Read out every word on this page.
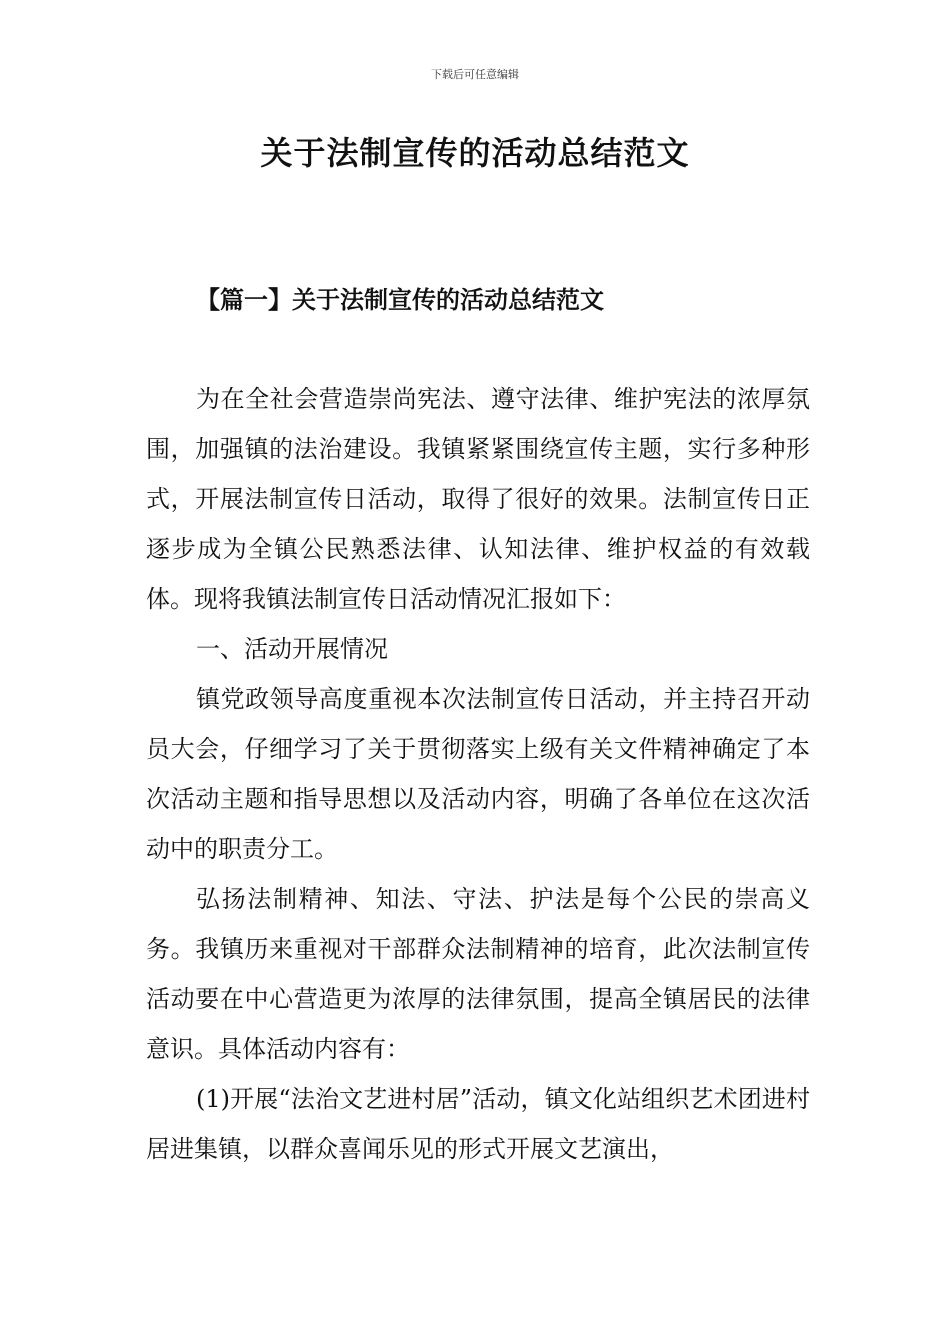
下载后可任意编辑
关于法制宣传的活动总结范文
【篇一】关于法制宣传的活动总结范文

为在全社会营造崇尚宪法、遵守法律、维护宪法的浓厚氛围，加强镇的法治建设。我镇紧紧围绕宣传主题，实行多种形式，开展法制宣传日活动，取得了很好的效果。法制宣传日正逐步成为全镇公民熟悉法律、认知法律、维护权益的有效载体。现将我镇法制宣传日活动情况汇报如下：

一、活动开展情况

镇党政领导高度重视本次法制宣传日活动，并主持召开动员大会，仔细学习了关于贯彻落实上级有关文件精神确定了本次活动主题和指导思想以及活动内容，明确了各单位在这次活动中的职责分工。

弘扬法制精神、知法、守法、护法是每个公民的崇高义务。我镇历来重视对干部群众法制精神的培育，此次法制宣传活动要在中心营造更为浓厚的法律氛围，提高全镇居民的法律意识。具体活动内容有：

(1)开展“法治文艺进村居”活动，镇文化站组织艺术团进村居进集镇，以群众喜闻乐见的形式开展文艺演出，
